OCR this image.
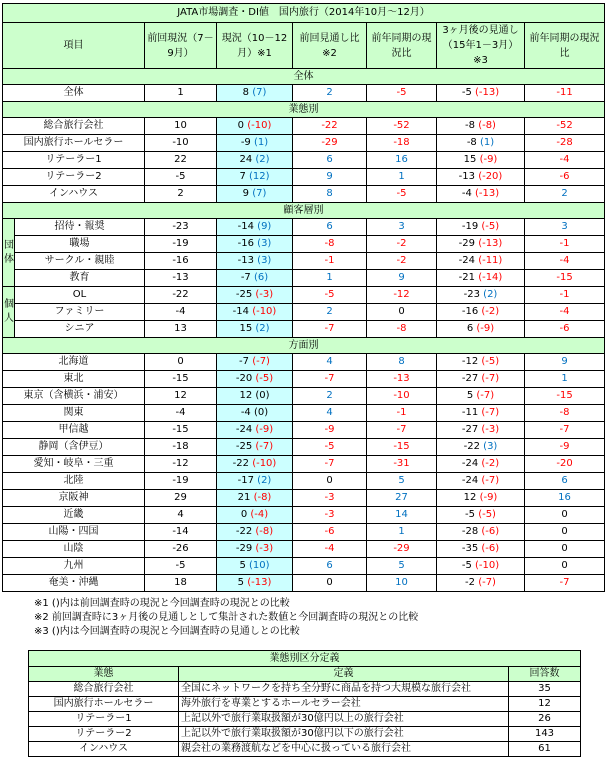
JATA市場調査・DI値　国内旅行（2014年10月～12月）							
項目		前回現況（7－9月）	現況（10－12月）※1	前回見通し比※2	前年同期の現況比	3ヶ月後の見通し（15年1－3月）※3	前年同期の現況比
全体							
全体		1	8 (7)	2	-5	-5 (-13)	-11
業態別							
総合旅行会社		10	0 (-10)	-22	-52	-8 (-8)	-52
国内旅行ホールセラー		-10	-9 (1)	-29	-18	-8 (1)	-28
リテーラー1		22	24 (2)	6	16	15 (-9)	-4
リテーラー2		-5	7 (12)	9	1	-13 (-20)	-6
インハウス		2	9 (7)	8	-5	-4 (-13)	2
顧客層別							
団体	招待・報奨	-23	-14 (9)	6	3	-19 (-5)	3
	職場	-19	-16 (3)	-8	-2	-29 (-13)	-1
	サークル・親睦	-16	-13 (3)	-1	-2	-24 (-11)	-4
	教育	-13	-7 (6)	1	9	-21 (-14)	-15
個人	OL	-22	-25 (-3)	-5	-12	-23 (2)	-1
	ファミリー	-4	-14 (-10)	2	0	-16 (-2)	-4
	シニア	13	15 (2)	-7	-8	6 (-9)	-6
方面別							
北海道		0	-7 (-7)	4	8	-12 (-5)	9
東北		-15	-20 (-5)	-7	-13	-27 (-7)	1
東京（含横浜・浦安）		12	12 (0)	2	-10	5 (-7)	-15
関東		-4	-4 (0)	4	-1	-11 (-7)	-8
甲信越		-15	-24 (-9)	-9	-7	-27 (-3)	-7
静岡（含伊豆）		-18	-25 (-7)	-5	-15	-22 (3)	-9
愛知・岐阜・三重		-12	-22 (-10)	-7	-31	-24 (-2)	-20
北陸		-19	-17 (2)	0	5	-24 (-7)	6
京阪神		29	21 (-8)	-3	27	12 (-9)	16
近畿		4	0 (-4)	-3	14	-5 (-5)	0
山陽・四国		-14	-22 (-8)	-6	1	-28 (-6)	0
山陰		-26	-29 (-3)	-4	-29	-35 (-6)	0
九州		-5	5 (10)	6	5	-5 (-10)	0
奄美・沖縄		18	5 (-13)	0	10	-2 (-7)	-7
※1 ()内は前回調査時の現況と今回調査時の現況との比較
※2 前回調査時に3ヶ月後の見通しとして集計された数値と今回調査時の現況との比較
※3 ()内は今回調査時の現況と今回調査時の見通しとの比較
業態別区分定義		
業態	定義	回答数
総合旅行会社	全国にネットワークを持ち全分野に商品を持つ大規模な旅行会社	35
国内旅行ホールセラー	海外旅行を専業とするホールセラー会社	12
リテーラー1	上記以外で旅行業取扱額が30億円以上の旅行会社	26
リテーラー2	上記以外で旅行業取扱額が30億円以下の旅行会社	143
インハウス	親会社の業務渡航などを中心に扱っている旅行会社	61
